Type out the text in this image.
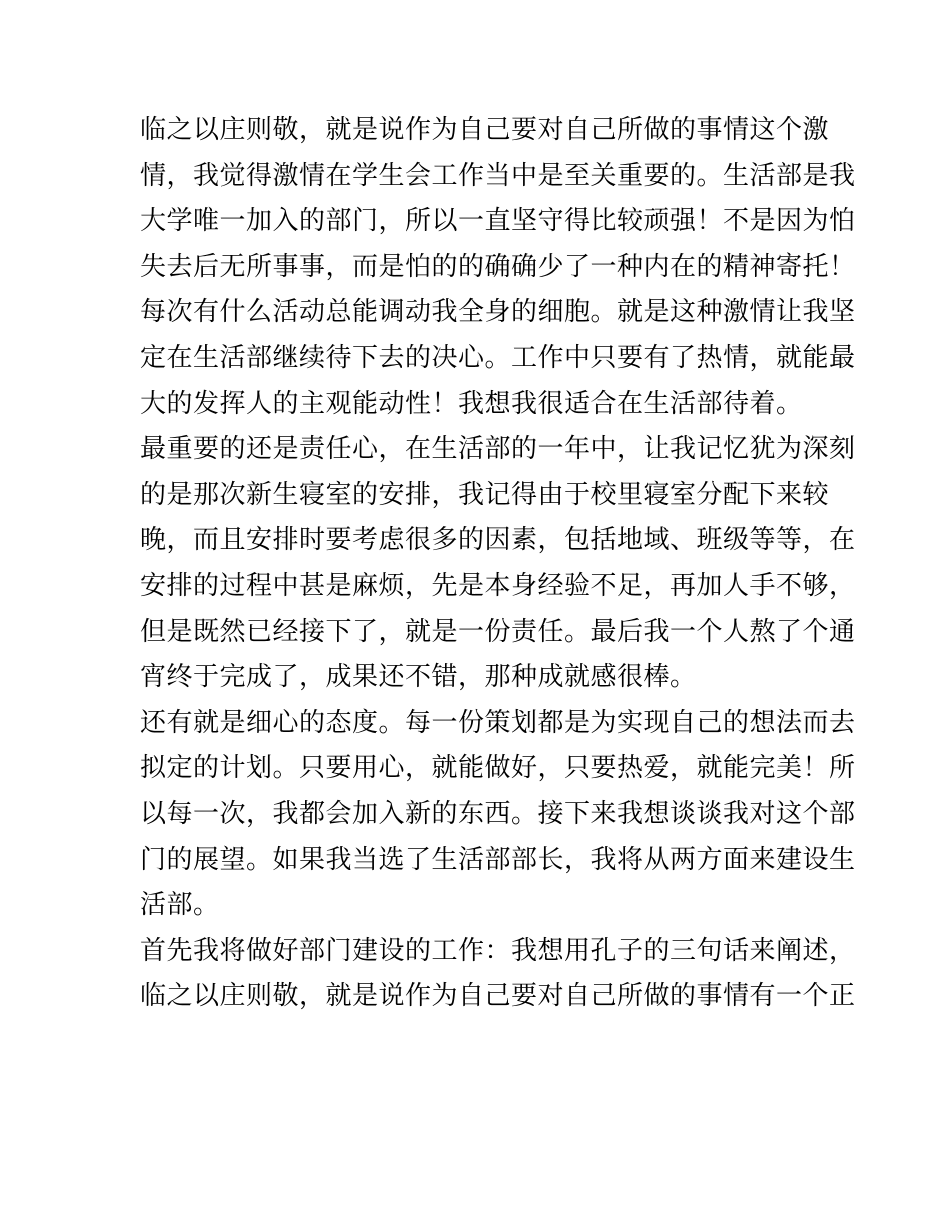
临之以庄则敬，就是说作为自己要对自己所做的事情这个激
情，我觉得激情在学生会工作当中是至关重要的。生活部是我
大学唯一加入的部门，所以一直坚守得比较顽强！不是因为怕
失去后无所事事，而是怕的的确确少了一种内在的精神寄托！
每次有什么活动总能调动我全身的细胞。就是这种激情让我坚
定在生活部继续待下去的决心。工作中只要有了热情，就能最
大的发挥人的主观能动性！我想我很适合在生活部待着。
最重要的还是责任心，在生活部的一年中，让我记忆犹为深刻
的是那次新生寝室的安排，我记得由于校里寝室分配下来较
晚，而且安排时要考虑很多的因素，包括地域、班级等等，在
安排的过程中甚是麻烦，先是本身经验不足，再加人手不够，
但是既然已经接下了，就是一份责任。最后我一个人熬了个通
宵终于完成了，成果还不错，那种成就感很棒。
还有就是细心的态度。每一份策划都是为实现自己的想法而去
拟定的计划。只要用心，就能做好，只要热爱，就能完美！所
以每一次，我都会加入新的东西。接下来我想谈谈我对这个部
门的展望。如果我当选了生活部部长，我将从两方面来建设生
活部。
首先我将做好部门建设的工作：我想用孔子的三句话来阐述，
临之以庄则敬，就是说作为自己要对自己所做的事情有一个正
